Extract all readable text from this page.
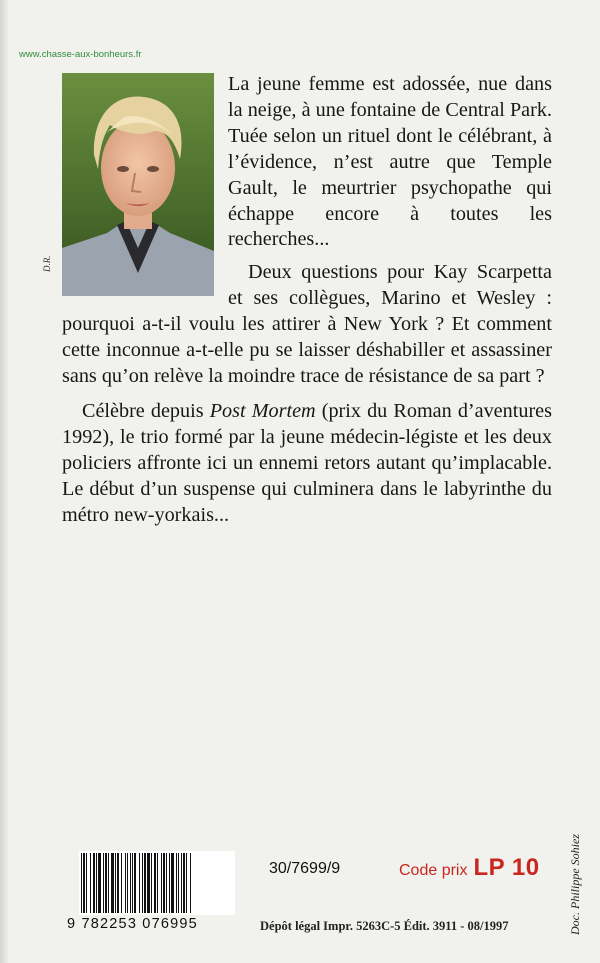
www.chasse-aux-bonheurs.fr
D.R.

La jeune femme est adossée, nue dans la neige, à une fontaine de Central Park. Tuée selon un rituel dont le célébrant, à l’évidence, n’est autre que Temple Gault, le meurtrier psychopathe qui échappe encore à toutes les recherches...

Deux questions pour Kay Scarpetta et ses collègues, Marino et Wesley : pourquoi a-t-il voulu les attirer à New York ? Et comment cette inconnue a-t-elle pu se laisser déshabiller et assassiner sans qu’on relève la moindre trace de résistance de sa part ?

Célèbre depuis Post Mortem (prix du Roman d’aventures 1992), le trio formé par la jeune médecin-légiste et les deux policiers affronte ici un ennemi retors autant qu’implacable. Le début d’un suspense qui culminera dans le labyrinthe du métro new-yorkais...

9 782253 076995
30/7699/9	Code prix LP 10
Dépôt légal Impr. 5263C-5 Édit. 3911 - 08/1997	Doc. Philippe Sohiez
